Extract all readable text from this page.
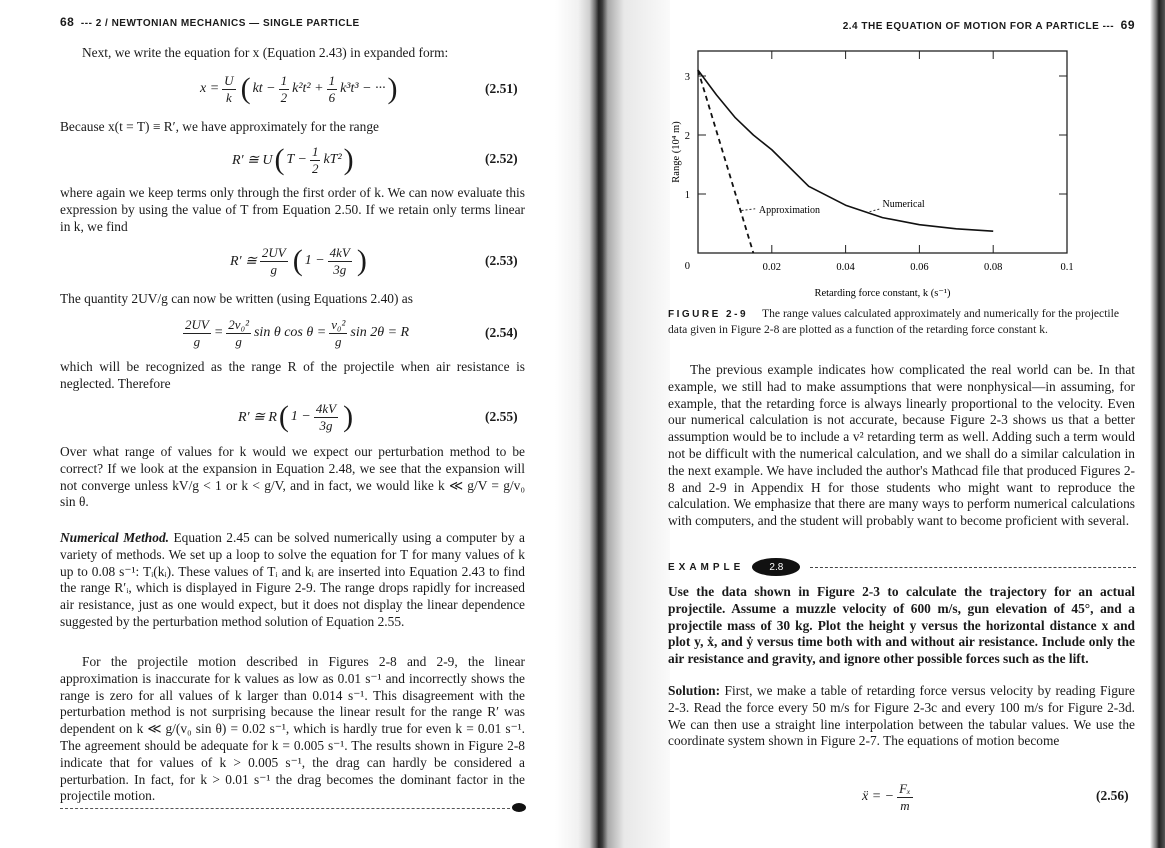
68 --- 2 / NEWTONIAN MECHANICS — SINGLE PARTICLE
Next, we write the equation for x (Equation 2.43) in expanded form:
$x = \frac{U}{k}$ ( kt − $\frac{1}{2} k^2t^2 + \frac{1}{6} k^3t^3$ − ··· )	(2.51)
Because x(t = T) ≡ R′, we have approximately for the range
R′ ≅ U ( $T - \frac{1}{2} kT^2$ )	(2.52)
where again we keep terms only through the first order of k. We can now evaluate this expression by using the value of T from Equation 2.50. If we retain only terms linear in k, we find
R′ ≅
2UV
g ( $1 - \frac{4kV}{3g}$ )	(2.53)
The quantity 2UV/g can now be written (using Equations 2.40) as
$\frac{2UV}{g} = \frac{\text{2v₀²}}{g}$ sin θ $\cos \theta = \frac{\text{v₀²}}{g}$ sin 2θ = R	(2.54)
which will be recognized as the range R of the projectile when air resistance is neglected. Therefore
R′ ≅ R ( $1 - \frac{4kV}{3g}$ )	(2.55)
Over what range of values for k would we expect our perturbation method to be correct? If we look at the expansion in Equation 2.48, we see that the expansion will not converge unless kV/g < 1 or k < g/V, and in fact, we would like k ≪ g/V = g/v₀ sin θ.
Numerical Method. Equation 2.45 can be solved numerically using a computer by a variety of methods. We set up a loop to solve the equation for T for many values of k up to 0.08 s⁻¹: Tᵢ(kᵢ). These values of Tᵢ and kᵢ are inserted into Equation 2.43 to find the range R′ᵢ, which is displayed in Figure 2-9. The range drops rapidly for increased air resistance, just as one would expect, but it does not display the linear dependence suggested by the perturbation method solution of Equation 2.55.
For the projectile motion described in Figures 2-8 and 2-9, the linear approximation is inaccurate for k values as low as 0.01 s⁻¹ and incorrectly shows the range is zero for all values of k larger than 0.014 s⁻¹. This disagreement with the perturbation method is not surprising because the linear result for the range R′ was dependent on k ≪ g/(v₀ sin θ) = 0.02 s⁻¹, which is hardly true for even k = 0.01 s⁻¹. The agreement should be adequate for k = 0.005 s⁻¹. The results shown in Figure 2-8 indicate that for values of k > 0.005 s⁻¹, the drag can hardly be considered a perturbation. In fact, for k > 0.01 s⁻¹ the drag becomes the dominant factor in the projectile motion.
2.4 THE EQUATION OF MOTION FOR A PARTICLE --- 69
0.02	0.04	0.06	0.08	0.1
0
1
2
3
Retarding force constant, k (s⁻¹)
Range (10⁴ m)
Approximation
Numerical
FIGURE 2-9 The range values calculated approximately and numerically for the projectile data given in Figure 2-8 are plotted as a function of the retarding force constant k.
The previous example indicates how complicated the real world can be. In that example, we still had to make assumptions that were nonphysical—in assuming, for example, that the retarding force is always linearly proportional to the velocity. Even our numerical calculation is not accurate, because Figure 2-3 shows us that a better assumption would be to include a v² retarding term as well. Adding such a term would not be difficult with the numerical calculation, and we shall do a similar calculation in the next example. We have included the author's Mathcad file that produced Figures 2-8 and 2-9 in Appendix H for those students who might want to reproduce the calculation. We emphasize that there are many ways to perform numerical calculations with computers, and the student will probably want to become proficient with several.
EXAMPLE	2.8
Use the data shown in Figure 2-3 to calculate the trajectory for an actual projectile. Assume a muzzle velocity of 600 m/s, gun elevation of 45°, and a projectile mass of 30 kg. Plot the height y versus the horizontal distance x and plot y, ẋ, and ẏ versus time both with and without air resistance. Include only the air resistance and gravity, and ignore other possible forces such as the lift.
Solution: First, we make a table of retarding force versus velocity by reading Figure 2-3. Read the force every 50 m/s for Figure 2-3c and every 100 m/s for Figure 2-3d. We can then use a straight line interpolation between the tabular values. We use the coordinate system shown in Figure 2-7. The equations of motion become
ẍ = − $\frac{\text{Fₓ}}{m}$	(2.56)
